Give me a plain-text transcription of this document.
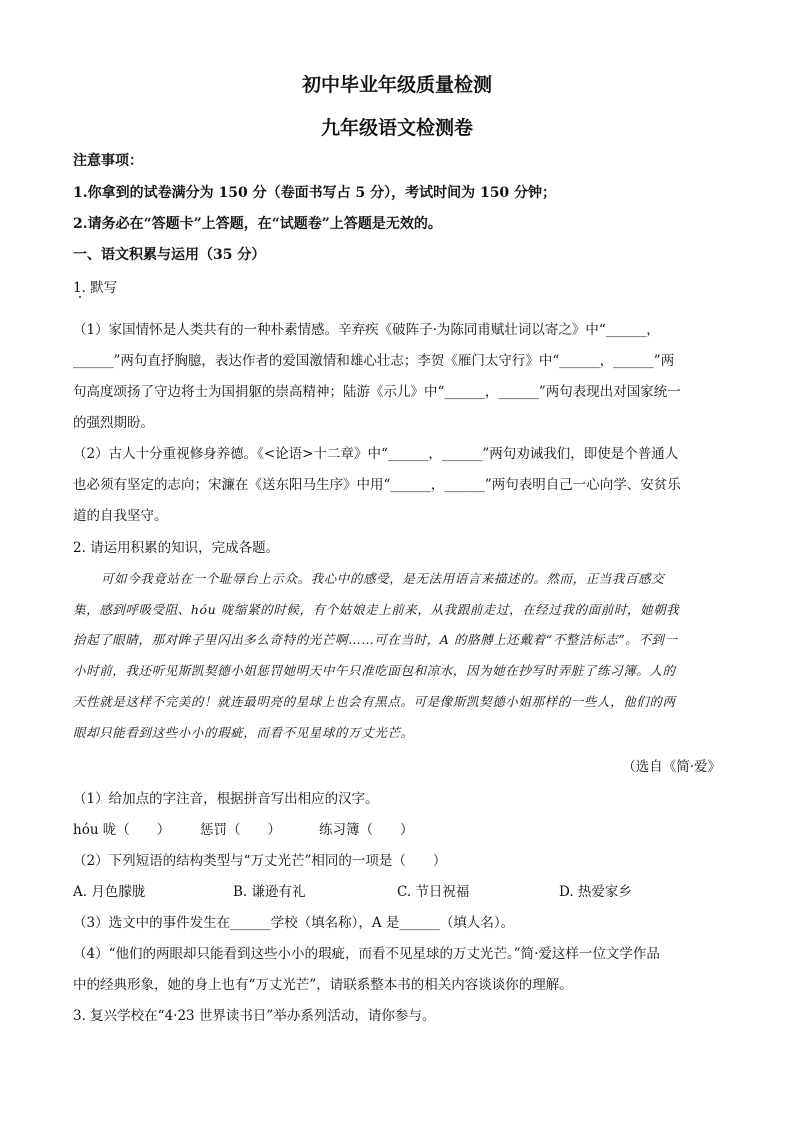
初中毕业年级质量检测
九年级语文检测卷
注意事项：
1.你拿到的试卷满分为 150 分（卷面书写占 5 分），考试时间为 150 分钟；
2.请务必在“答题卡”上答题，在“试题卷”上答题是无效的。
一、语文积累与运用（35 分）
1. 默写
（1）家国情怀是人类共有的一种朴素情感。辛弃疾《破阵子·为陈同甫赋壮词以寄之》中“______，
______”两句直抒胸臆，表达作者的爱国激情和雄心壮志；李贺《雁门太守行》中“______，______”两
句高度颂扬了守边将士为国捐躯的崇高精神；陆游《示儿》中“______，______”两句表现出对国家统一
的强烈期盼。
（2）古人十分重视修身养德。《<论语>十二章》中“______，______”两句劝诫我们，即使是个普通人
也必须有坚定的志向；宋濂在《送东阳马生序》中用“______，______”两句表明自己一心向学、安贫乐
道的自我坚守。
2. 请运用积累的知识，完成各题。
可如今我竟站在一个耻辱台上示众。我心中的感受，是无法用语言来描述的。然而，正当我百感交
集，感到呼吸受阻、hóu 咙缩紧的时候，有个姑娘走上前来，从我跟前走过，在经过我的面前时，她朝我
抬起了眼睛，那对眸子里闪出多么奇特的光芒啊……可在当时，A 的胳膊上还戴着“不整洁标志”。不到一
小时前，我还听见斯凯契德小姐惩罚她明天中午只准吃面包和凉水，因为她在抄写时弄脏了练习簿。人的
天性就是这样不完美的！就连最明亮的星球上也会有黑点。可是像斯凯契德小姐那样的一些人，他们的两
眼却只能看到这些小小的瑕疵，而看不见星球的万丈光芒。
（选自《简·爱》
（1）给加点的字注音，根据拼音写出相应的汉字。
hóu 咙（　　） 惩罚（　　）	练习簿（　　）
（2）下列短语的结构类型与“万丈光芒”相同的一项是（　　）
A. 月色朦胧	B. 谦逊有礼	C. 节日祝福	D. 热爱家乡
（3）选文中的事件发生在______学校（填名称），A 是______（填人名）。
（4）“他们的两眼却只能看到这些小小的瑕疵，而看不见星球的万丈光芒。”简·爱这样一位文学作品
中的经典形象，她的身上也有“万丈光芒”，请联系整本书的相关内容谈谈你的理解。
3. 复兴学校在“4·23 世界读书日”举办系列活动，请你参与。
